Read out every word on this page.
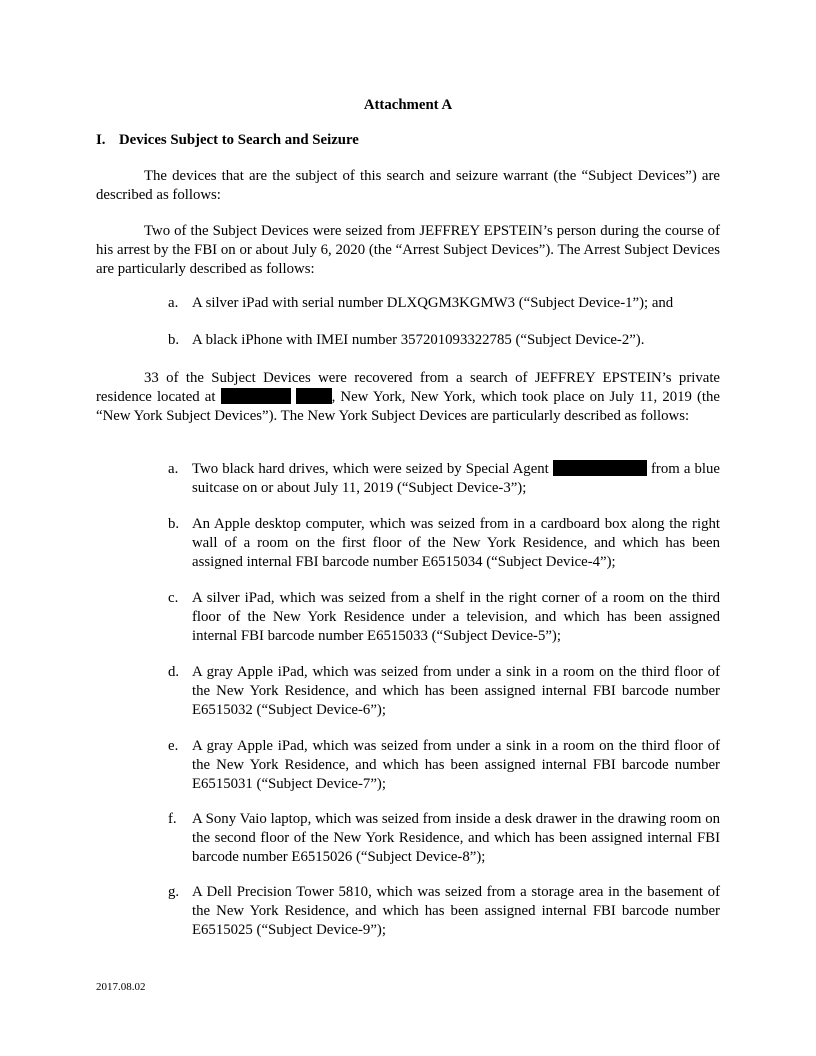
Attachment A
I. Devices Subject to Search and Seizure
The devices that are the subject of this search and seizure warrant (the “Subject Devices”) are described as follows:
Two of the Subject Devices were seized from JEFFREY EPSTEIN’s person during the course of his arrest by the FBI on or about July 6, 2020 (the “Arrest Subject Devices”). The Arrest Subject Devices are particularly described as follows:
a. A silver iPad with serial number DLXQGM3KGMW3 (“Subject Device-1”); and
b. A black iPhone with IMEI number 357201093322785 (“Subject Device-2”).
33 of the Subject Devices were recovered from a search of JEFFREY EPSTEIN’s private residence located at	, New York, New York, which took place on July 11, 2019 (the “New York Subject Devices”). The New York Subject Devices are particularly described as follows:
a. Two black hard drives, which were seized by Special Agent	from a blue suitcase on or about July 11, 2019 (“Subject Device-3”);
b. An Apple desktop computer, which was seized from in a cardboard box along the right wall of a room on the first floor of the New York Residence, and which has been assigned internal FBI barcode number E6515034 (“Subject Device-4”);
c. A silver iPad, which was seized from a shelf in the right corner of a room on the third floor of the New York Residence under a television, and which has been assigned internal FBI barcode number E6515033 (“Subject Device-5”);
d. A gray Apple iPad, which was seized from under a sink in a room on the third floor of the New York Residence, and which has been assigned internal FBI barcode number E6515032 (“Subject Device-6”);
e. A gray Apple iPad, which was seized from under a sink in a room on the third floor of the New York Residence, and which has been assigned internal FBI barcode number E6515031 (“Subject Device-7”);
f.	A Sony Vaio laptop, which was seized from inside a desk drawer in the drawing room on the second floor of the New York Residence, and which has been assigned internal FBI barcode number E6515026 (“Subject Device-8”);
g. A Dell Precision Tower 5810, which was seized from a storage area in the basement of the New York Residence, and which has been assigned internal FBI barcode number E6515025 (“Subject Device-9”);
2017.08.02
